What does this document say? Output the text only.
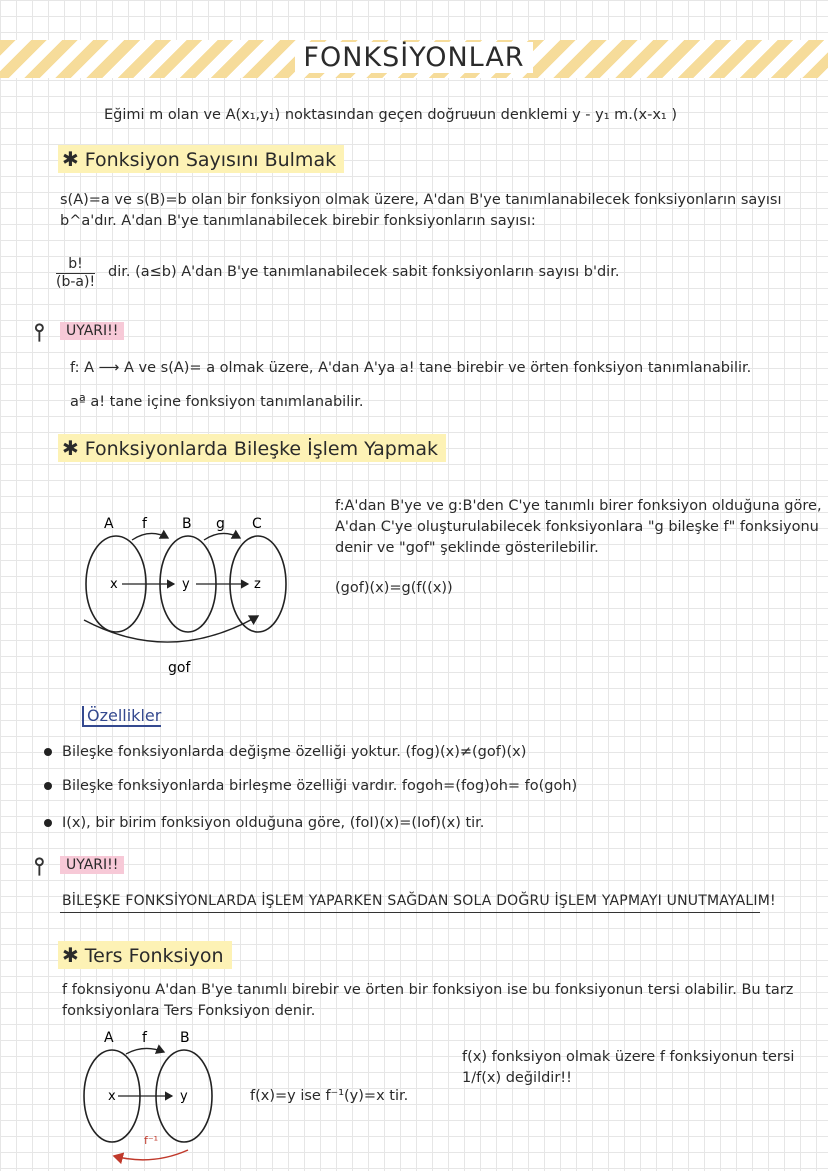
FONKSİYONLAR
Eğimi m olan ve A(x₁,y₁) noktasından geçen doğruᵾun denklemi y - y₁ m.(x-x₁ )
✱ Fonksiyon Sayısını Bulmak
s(A)=a ve s(B)=b olan bir fonksiyon olmak üzere, A'dan B'ye tanımlanabilecek fonksiyonların sayısı
b^a'dır. A'dan B'ye tanımlanabilecek birebir fonksiyonların sayısı:
$\frac{b!}{(b-a)!}$ dir. (a≤b) A'dan B'ye tanımlanabilecek sabit fonksiyonların sayısı b'dir.
⫯	UYARI!!
f: A ⟶ A ve s(A)= a olmak üzere, A'dan A'ya a! tane birebir ve örten fonksiyon tanımlanabilir.
aª a! tane içine fonksiyon tanımlanabilir.
✱ Fonksiyonlarda Bileşke İşlem Yapmak
A f	B g C
x	y	z
gof
f:A'dan B'ye ve g:B'den C'ye tanımlı birer fonksiyon olduğuna göre,
A'dan C'ye oluşturulabilecek fonksiyonlara "g bileşke f" fonksiyonu
denir ve "gof" şeklinde gösterilebilir.
(gof)(x)=g(f((x))
Özellikler
Bileşke fonksiyonlarda değişme özelliği yoktur. (fog)(x)≠(gof)(x)
Bileşke fonksiyonlarda birleşme özelliği vardır. fogoh=(fog)oh= fo(goh)
I(x), bir birim fonksiyon olduğuna göre, (foI)(x)=(Iof)(x) tir.
⫯	UYARI!!
BİLEŞKE FONKSİYONLARDA İŞLEM YAPARKEN SAĞDAN SOLA DOĞRU İŞLEM YAPMAYI UNUTMAYALIM!
✱ Ters Fonksiyon
f foknsiyonu A'dan B'ye tanımlı birebir ve örten bir fonksiyon ise bu fonksiyonun tersi olabilir. Bu tarz
fonksiyonlara Ters Fonksiyon denir.
A f B
x	y
f⁻¹
f(x)=y ise f⁻¹(y)=x tir.
f(x) fonksiyon olmak üzere f fonksiyonun tersi
1/f(x) değildir!!
